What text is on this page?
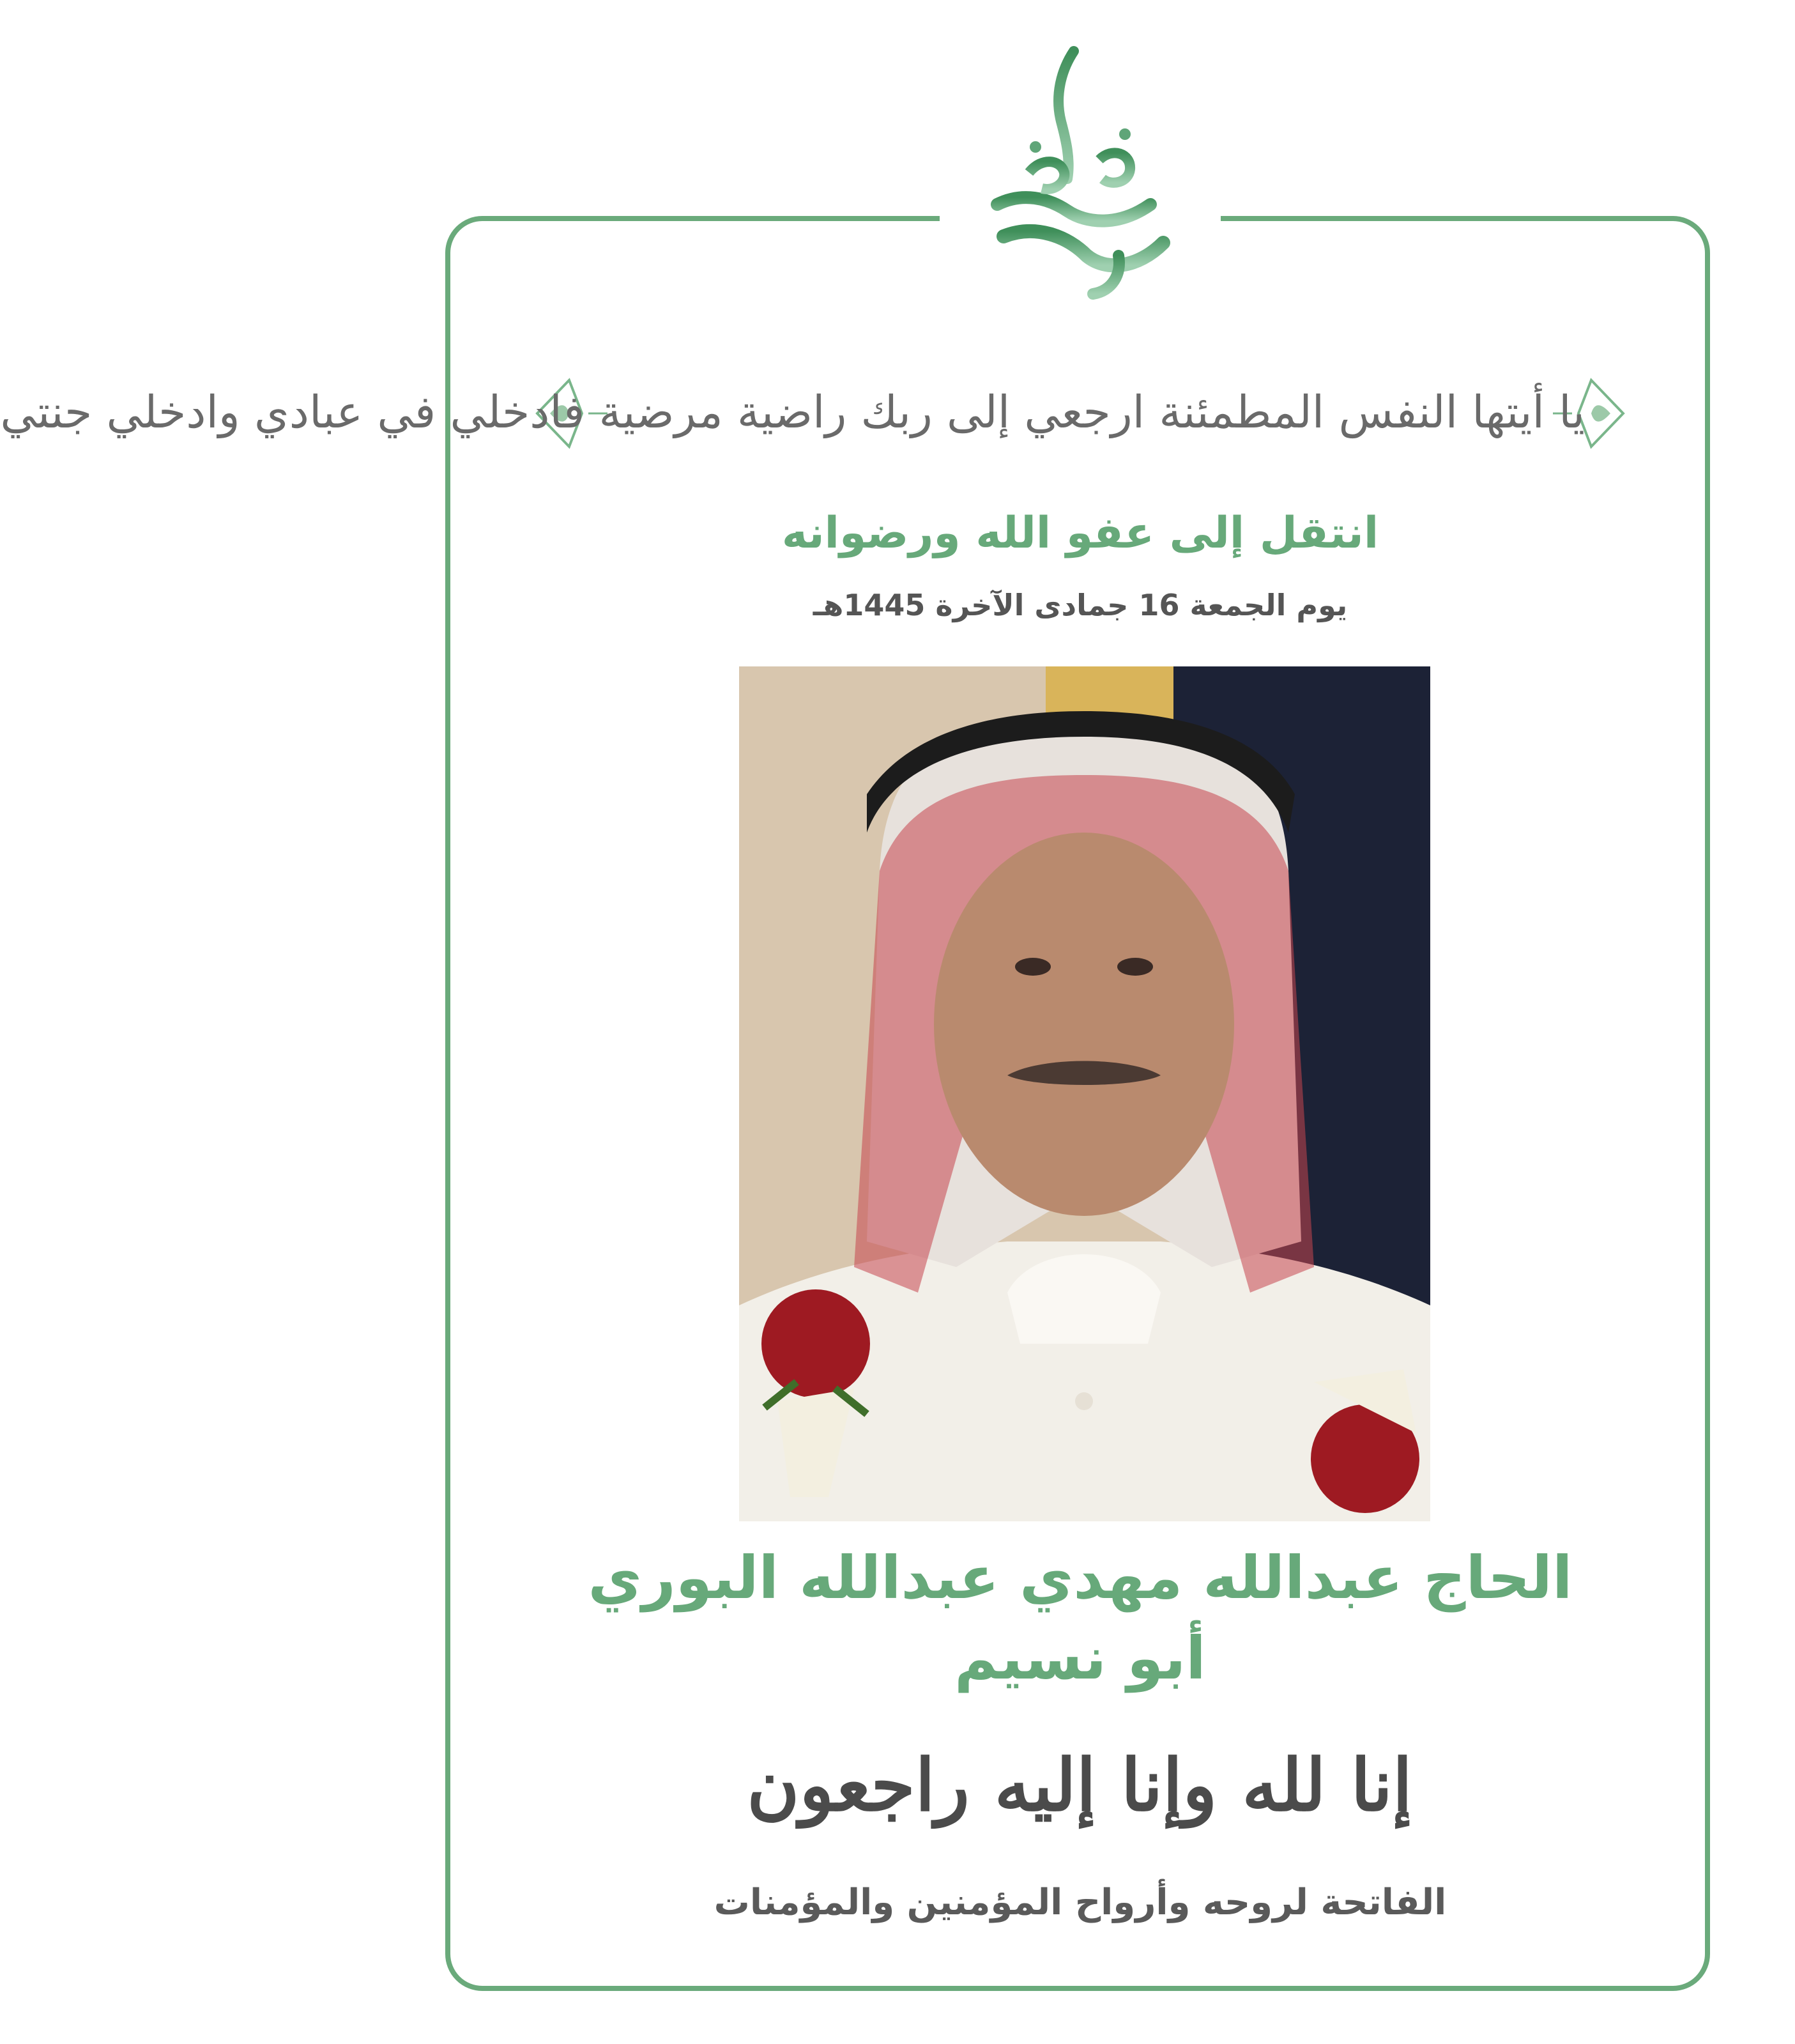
يا أيتها النفس المطمئنة ارجعي إلى ربك راضية مرضية فادخلي في عبادي وادخلي جنتي
انتقل إلى عفو الله ورضوانه
يوم الجمعة 16 جمادى الآخرة 1445هـ
الحاج عبدالله مهدي عبدالله البوري
أبو نسيم
إنا لله وإنا إليه راجعون
الفاتحة لروحه وأرواح المؤمنين والمؤمنات
